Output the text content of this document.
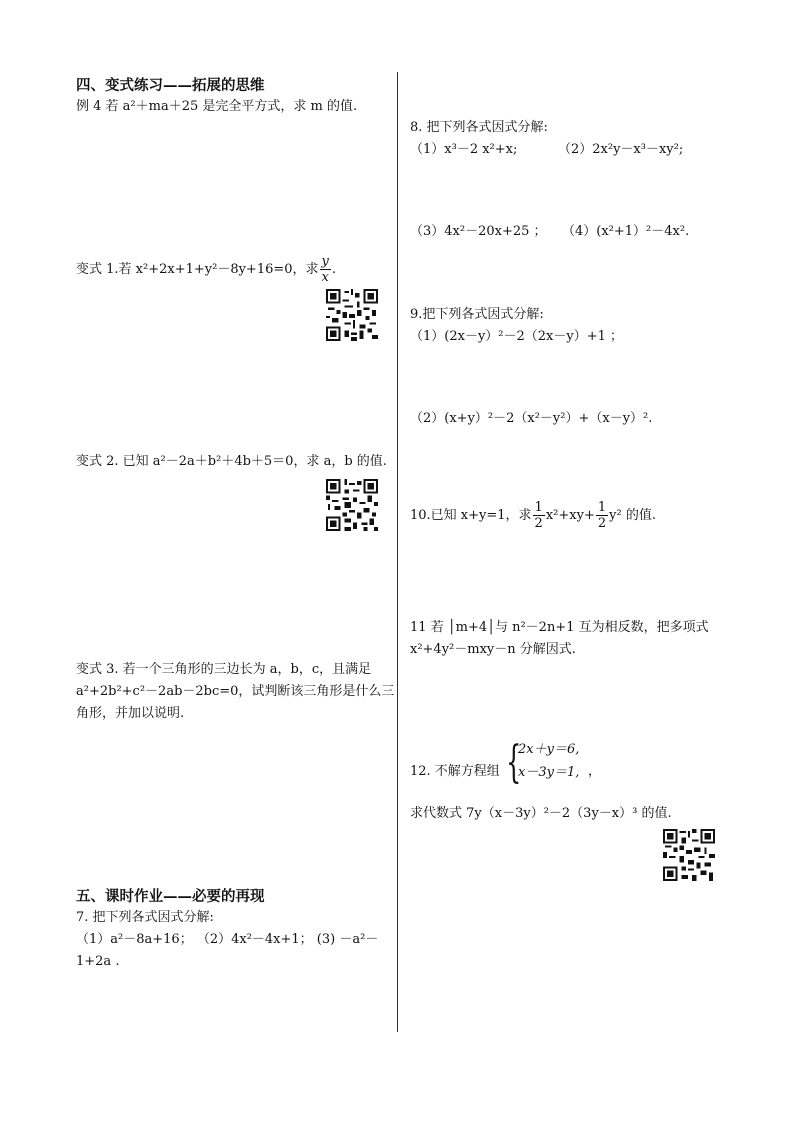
四、变式练习——拓展的思维
例 4 若 a²＋ma＋25 是完全平方式，求 m 的值.
变式 1.若 x²+2x+1+y²－8y+16=0，求 $\frac{y}{x}$ .
变式 2. 已知 a²－2a＋b²＋4b＋5＝0，求 a，b 的值.
变式 3. 若一个三角形的三边长为 a，b，c，且满足
a²+2b²+c²－2ab－2bc=0，试判断该三角形是什么三
角形，并加以说明.
五、课时作业——必要的再现
7. 把下列各式因式分解:
（1）a²－8a+16； （2）4x²－4x+1； (3) －a²－
1+2a .
8. 把下列各式因式分解:
（1）x³－2 x²+x;	（2）2x²y－x³－xy²;
（3）4x²－20x+25 ； （4）(x²+1）²－4x².
9.把下列各式因式分解:
（1）(2x－y）²－2（2x－y）+1 ；
（2）(x+y）²－2（x²－y²）+（x－y）².
10.已知 x+y=1，求 $\frac{1}{2} x^2+xy+ \frac{1}{2} y^2$ 的值.
11 若 │m+4│与 n²－2n+1 互为相反数，把多项式
x²+4y²－mxy－n 分解因式.
12. 不解方程组 {
2x＋y＝6,
x－3y＝1, ，
求代数式 7y（x－3y）²－2（3y－x）³ 的值.
